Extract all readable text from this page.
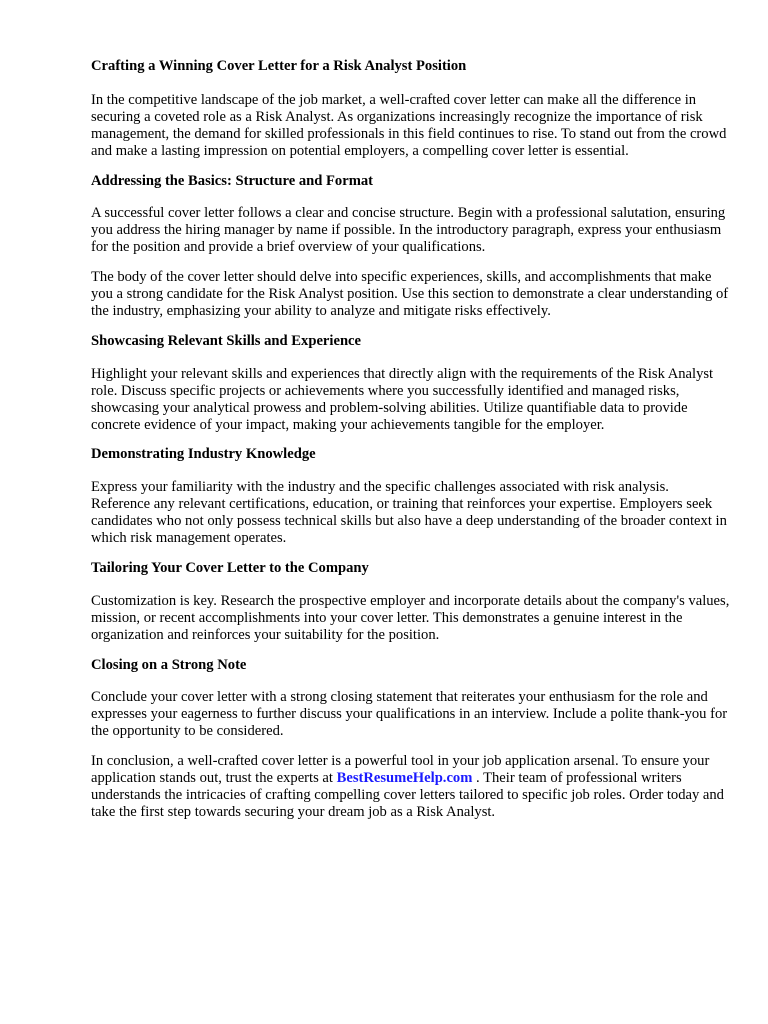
Crafting a Winning Cover Letter for a Risk Analyst Position

In the competitive landscape of the job market, a well-crafted cover letter can make all the difference in securing a coveted role as a Risk Analyst. As organizations increasingly recognize the importance of risk management, the demand for skilled professionals in this field continues to rise. To stand out from the crowd and make a lasting impression on potential employers, a compelling cover letter is essential.

Addressing the Basics: Structure and Format

A successful cover letter follows a clear and concise structure. Begin with a professional salutation, ensuring you address the hiring manager by name if possible. In the introductory paragraph, express your enthusiasm for the position and provide a brief overview of your qualifications.

The body of the cover letter should delve into specific experiences, skills, and accomplishments that make you a strong candidate for the Risk Analyst position. Use this section to demonstrate a clear understanding of the industry, emphasizing your ability to analyze and mitigate risks effectively.

Showcasing Relevant Skills and Experience

Highlight your relevant skills and experiences that directly align with the requirements of the Risk Analyst role. Discuss specific projects or achievements where you successfully identified and managed risks, showcasing your analytical prowess and problem-solving abilities. Utilize quantifiable data to provide concrete evidence of your impact, making your achievements tangible for the employer.

Demonstrating Industry Knowledge

Express your familiarity with the industry and the specific challenges associated with risk analysis. Reference any relevant certifications, education, or training that reinforces your expertise. Employers seek candidates who not only possess technical skills but also have a deep understanding of the broader context in which risk management operates.

Tailoring Your Cover Letter to the Company

Customization is key. Research the prospective employer and incorporate details about the company's values, mission, or recent accomplishments into your cover letter. This demonstrates a genuine interest in the organization and reinforces your suitability for the position.

Closing on a Strong Note

Conclude your cover letter with a strong closing statement that reiterates your enthusiasm for the role and expresses your eagerness to further discuss your qualifications in an interview. Include a polite thank-you for the opportunity to be considered.

In conclusion, a well-crafted cover letter is a powerful tool in your job application arsenal. To ensure your application stands out, trust the experts at BestResumeHelp.com . Their team of professional writers understands the intricacies of crafting compelling cover letters tailored to specific job roles. Order today and take the first step towards securing your dream job as a Risk Analyst.
